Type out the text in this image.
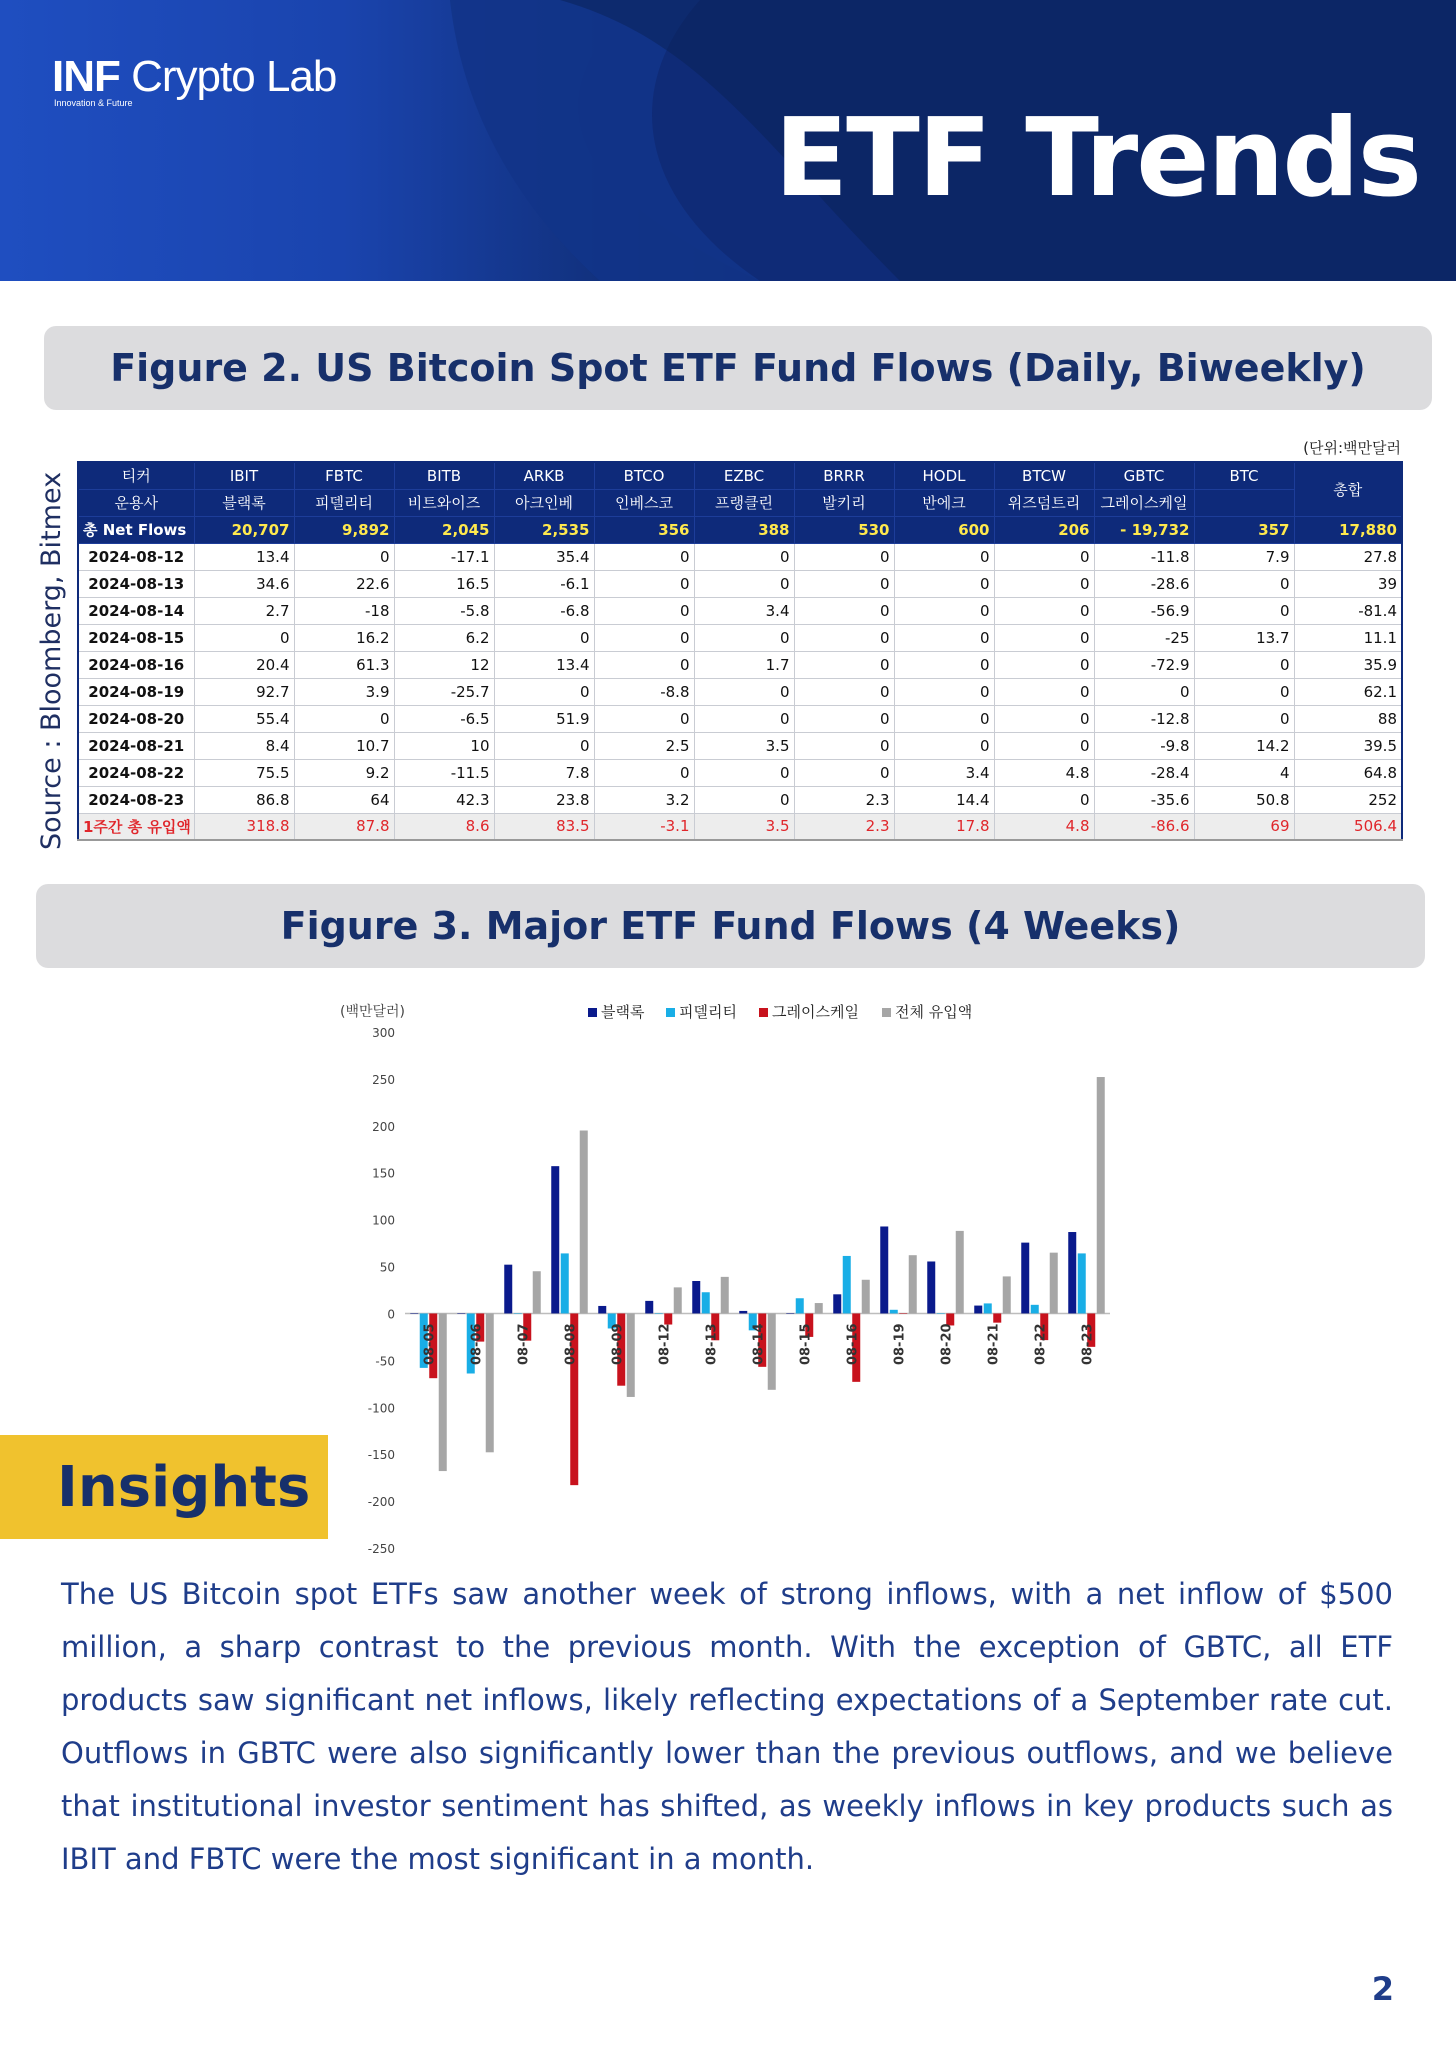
INF Crypto Lab
Innovation & Future	ETF Trends
Figure 2. US Bitcoin Spot ETF Fund Flows (Daily, Biweekly)
Source : Bloomberg, Bitmex
(단위:백만달러
티커	IBIT	FBTC	BITB	ARKB	BTCO	EZBC	BRRR	HODL	BTCW	GBTC	BTC	총합
운용사	블랙록	피델리티	비트와이즈	아크인베	인베스코	프랭클린	발키리	반에크	위즈덤트리	그레이스케일		
총 Net Flows	20,707	9,892	2,045	2,535	356	388	530	600	206	- 19,732	357	17,880
2024-08-12	13.4	0	-17.1	35.4	0	0	0	0	0	-11.8	7.9	27.8
2024-08-13	34.6	22.6	16.5	-6.1	0	0	0	0	0	-28.6	0	39
2024-08-14	2.7	-18	-5.8	-6.8	0	3.4	0	0	0	-56.9	0	-81.4
2024-08-15	0	16.2	6.2	0	0	0	0	0	0	-25	13.7	11.1
2024-08-16	20.4	61.3	12	13.4	0	1.7	0	0	0	-72.9	0	35.9
2024-08-19	92.7	3.9	-25.7	0	-8.8	0	0	0	0	0	0	62.1
2024-08-20	55.4	0	-6.5	51.9	0	0	0	0	0	-12.8	0	88
2024-08-21	8.4	10.7	10	0	2.5	3.5	0	0	0	-9.8	14.2	39.5
2024-08-22	75.5	9.2	-11.5	7.8	0	0	0	3.4	4.8	-28.4	4	64.8
2024-08-23	86.8	64	42.3	23.8	3.2	0	2.3	14.4	0	-35.6	50.8	252
1주간 총 유입액	318.8	87.8	8.6	83.5	-3.1	3.5	2.3	17.8	4.8	-86.6	69	506.4
Figure 3. Major ETF Fund Flows (4 Weeks)
(백만달러)
300
250
200
150
100
50
0
-50
-100
-150
-200
-250
블랙록 피델리티 그레이스케일 전체 유입액
08-05 08-06 08-07 08-08 08-09 08-12 08-13 08-14 08-15 08-16 08-19 08-20 08-21 08-22 08-23
Insights
The US Bitcoin spot ETFs saw another week of strong inflows, with a net inflow of $500 million, a sharp contrast to the previous month. With the exception of GBTC, all ETF products saw significant net inflows, likely reflecting expectations of a September rate cut. Outflows in GBTC were also significantly lower than the previous outflows, and we believe that institutional investor sentiment has shifted, as weekly inflows in key products such as IBIT and FBTC were the most significant in a month.
2
